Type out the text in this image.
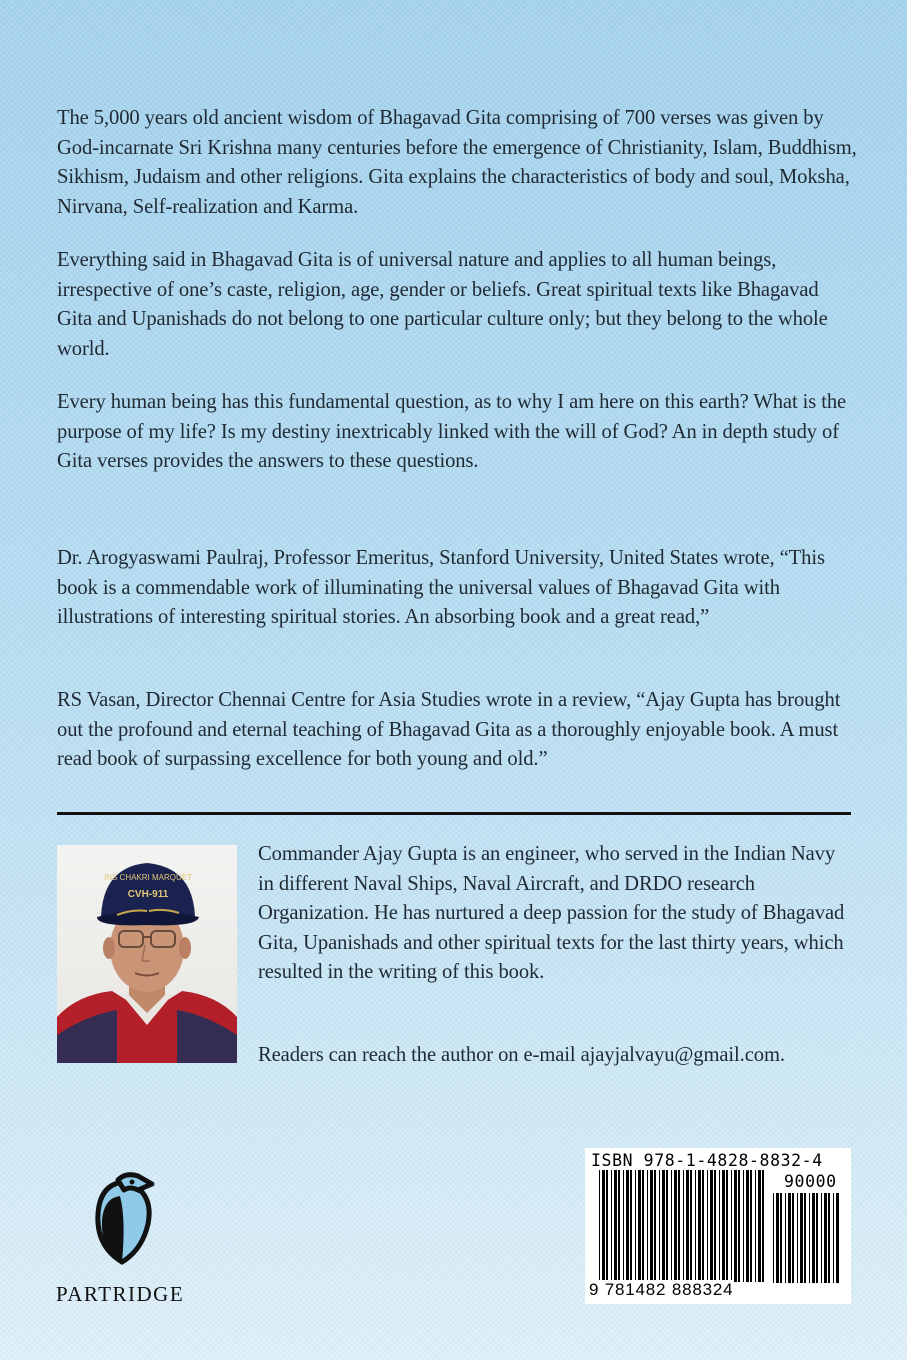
The 5,000 years old ancient wisdom of Bhagavad Gita comprising of 700 verses was given by God-incarnate Sri Krishna many centuries before the emergence of Christianity, Islam, Buddhism, Sikhism, Judaism and other religions. Gita explains the characteristics of body and soul, Moksha, Nirvana, Self-realization and Karma.

Everything said in Bhagavad Gita is of universal nature and applies to all human beings, irrespective of one’s caste, religion, age, gender or beliefs. Great spiritual texts like Bhagavad Gita and Upanishads do not belong to one particular culture only; but they belong to the whole world.

Every human being has this fundamental question, as to why I am here on this earth? What is the purpose of my life? Is my destiny inextricably linked with the will of God? An in depth study of Gita verses provides the answers to these questions.

Dr. Arogyaswami Paulraj, Professor Emeritus, Stanford University, United States wrote, “This book is a commendable work of illuminating the universal values of Bhagavad Gita with illustrations of interesting spiritual stories. An absorbing book and a great read,”

RS Vasan, Director Chennai Centre for Asia Studies wrote in a review, “Ajay Gupta has brought out the profound and eternal teaching of Bhagavad Gita as a thoroughly enjoyable book. A must read book of surpassing excellence for both young and old.”

INS CHAKRI MARQUET
CVH-911

Commander Ajay Gupta is an engineer, who served in the Indian Navy in different Naval Ships, Naval Aircraft, and DRDO research Organization. He has nurtured a deep passion for the study of Bhagavad Gita, Upanishads and other spiritual texts for the last thirty years, which resulted in the writing of this book.

Readers can reach the author on e-mail ajayjalvayu@gmail.com.

PARTRIDGE
ISBN 978-1-4828-8832-4
90000
9 781482 888324
